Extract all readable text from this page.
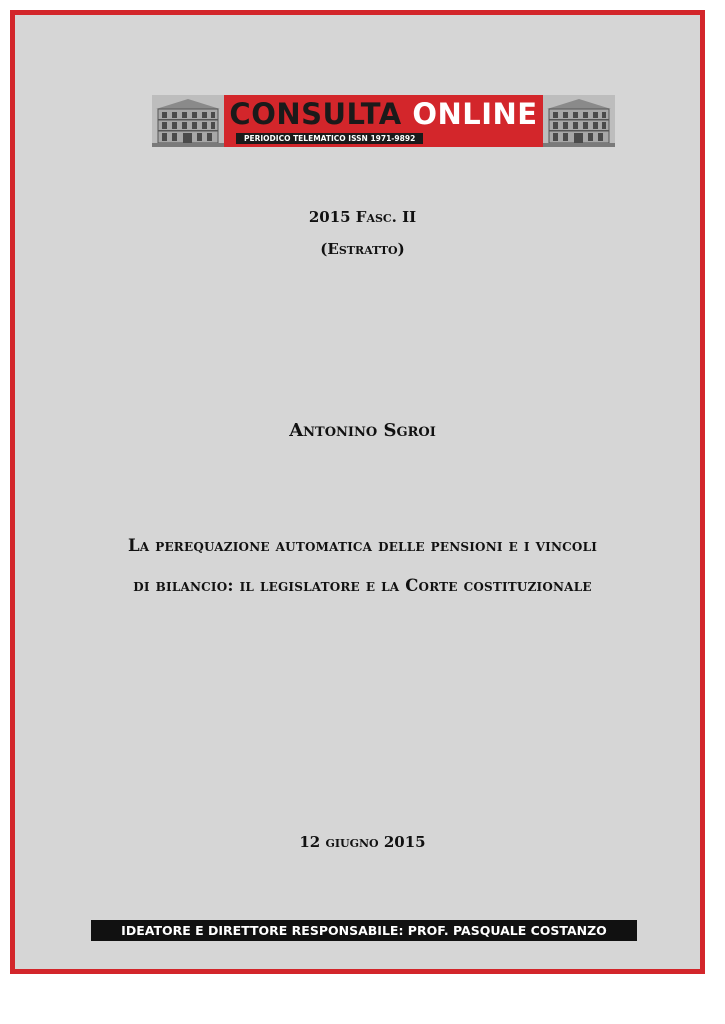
CONSULTA ONLINE
PERIODICO TELEMATICO ISSN 1971-9892
2015 Fasc. II
(Estratto)
Antonino Sgroi
La perequazione automatica delle pensioni e i vincoli
di bilancio: il legislatore e la Corte costituzionale
12 giugno 2015
IDEATORE E DIRETTORE RESPONSABILE: PROF. PASQUALE COSTANZO
